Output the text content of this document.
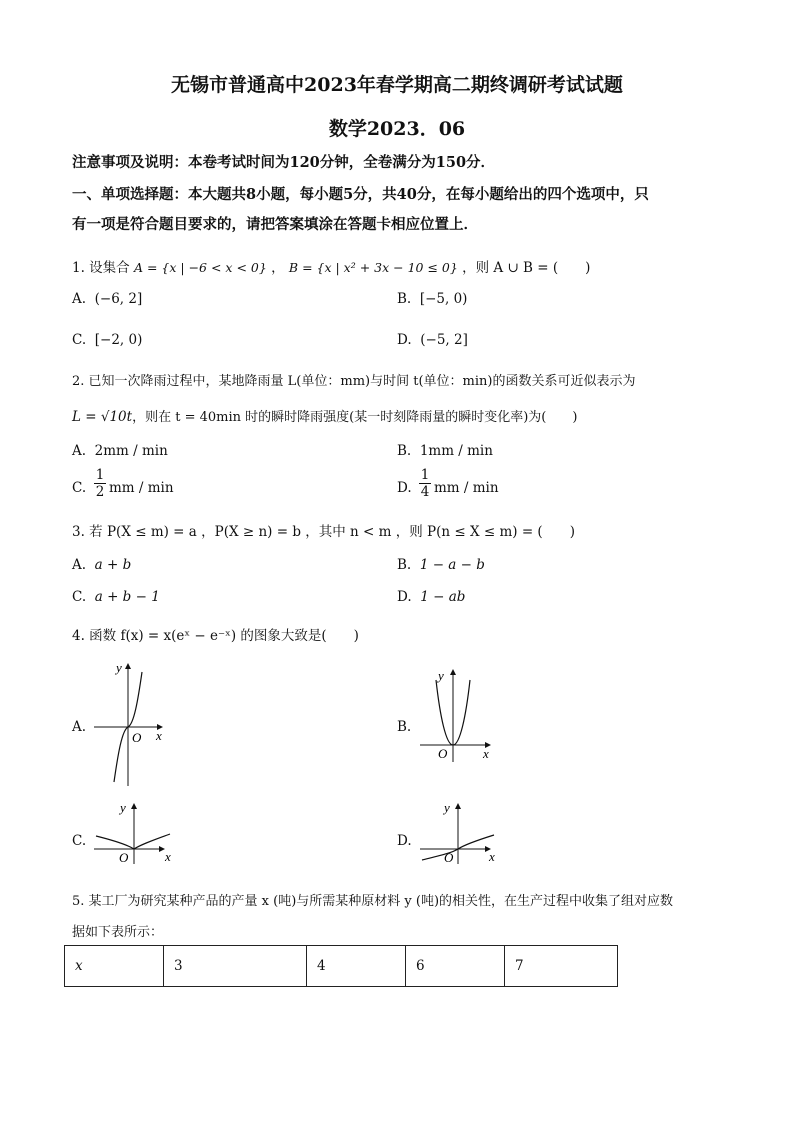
无锡市普通高中2023年春学期高二期终调研考试试题
数学2023．06
注意事项及说明：本卷考试时间为120分钟，全卷满分为150分．
一、单项选择题：本大题共8小题，每小题5分，共40分，在每小题给出的四个选项中，只
有一项是符合题目要求的，请把答案填涂在答题卡相应位置上．
1. 设集合 A = {x | −6 < x < 0} ， B = {x | x² + 3x − 10 ≤ 0} ，则 A ∪ B = (　　)
A. (−6, 2]	B. [−5, 0)
C. [−2, 0)	D. (−5, 2]
2. 已知一次降雨过程中，某地降雨量 L(单位：mm)与时间 t(单位：min)的函数关系可近似表示为
L = √10t，则在 t = 40min 时的瞬时降雨强度(某一时刻降雨量的瞬时变化率)为(　　)
A. 2mm / min	B. 1mm / min
C.
1
2 mm / min	D.
1
4 mm / min
3. 若 P(X ≤ m) = a ，P(X ≥ n) = b ，其中 n < m ，则 P(n ≤ X ≤ m) = (　　)
A. a + b	B. 1 − a − b
C. a + b − 1	D. 1 − ab
4. 函数 f(x) = x(eˣ − e⁻ˣ) 的图象大致是(　　)
A.
y
x
O
B.
y
x
O
C.
y
x
O
D.
y
x
O
5. 某工厂为研究某种产品的产量 x (吨)与所需某种原材料 y (吨)的相关性，在生产过程中收集了组对应数
据如下表所示：
x	3	4	6	7
